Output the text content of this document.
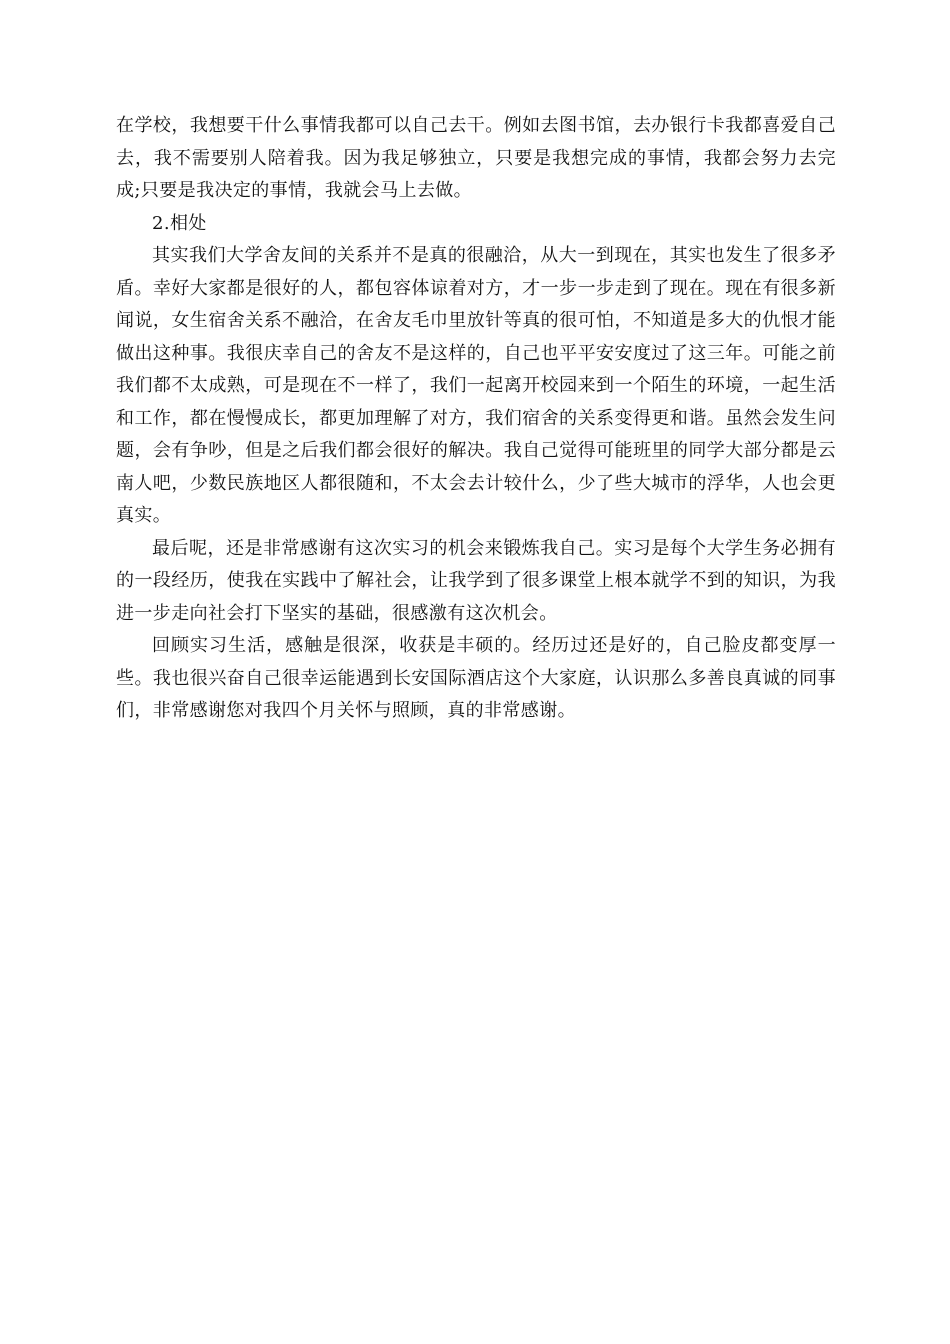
在学校，我想要干什么事情我都可以自己去干。例如去图书馆，去办银行卡我都喜爱自己去，我不需要别人陪着我。因为我足够独立，只要是我想完成的事情，我都会努力去完成;只要是我决定的事情，我就会马上去做。

2.相处

其实我们大学舍友间的关系并不是真的很融洽，从大一到现在，其实也发生了很多矛盾。幸好大家都是很好的人，都包容体谅着对方，才一步一步走到了现在。现在有很多新闻说，女生宿舍关系不融洽，在舍友毛巾里放针等真的很可怕，不知道是多大的仇恨才能做出这种事。我很庆幸自己的舍友不是这样的，自己也平平安安度过了这三年。可能之前我们都不太成熟，可是现在不一样了，我们一起离开校园来到一个陌生的环境，一起生活和工作，都在慢慢成长，都更加理解了对方，我们宿舍的关系变得更和谐。虽然会发生问题，会有争吵，但是之后我们都会很好的解决。我自己觉得可能班里的同学大部分都是云南人吧，少数民族地区人都很随和，不太会去计较什么，少了些大城市的浮华，人也会更真实。

最后呢，还是非常感谢有这次实习的机会来锻炼我自己。实习是每个大学生务必拥有的一段经历，使我在实践中了解社会，让我学到了很多课堂上根本就学不到的知识，为我进一步走向社会打下坚实的基础，很感激有这次机会。

回顾实习生活，感触是很深，收获是丰硕的。经历过还是好的，自己脸皮都变厚一些。我也很兴奋自己很幸运能遇到长安国际酒店这个大家庭，认识那么多善良真诚的同事们，非常感谢您对我四个月关怀与照顾，真的非常感谢。
